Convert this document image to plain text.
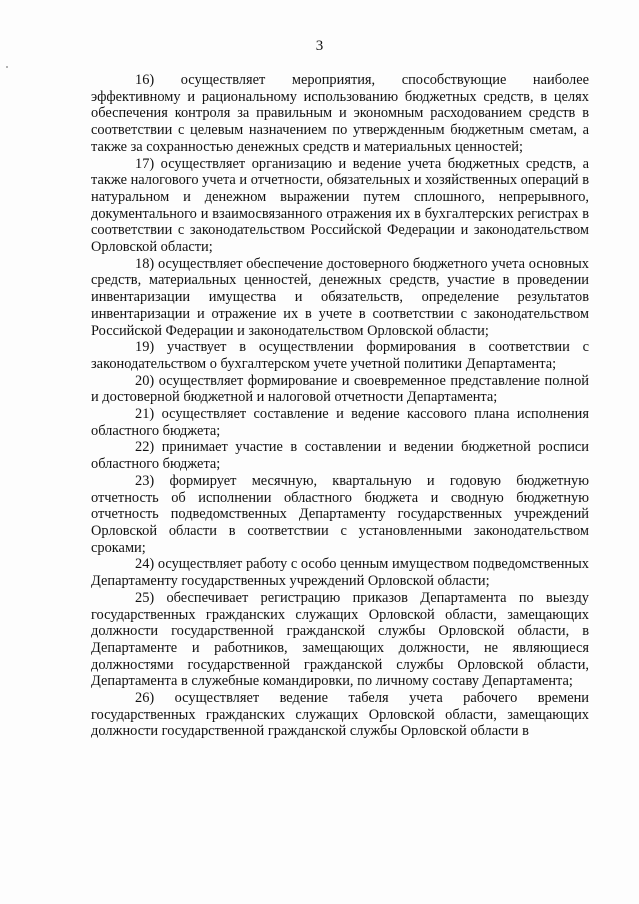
3

16) осуществляет мероприятия, способствующие наиболее эффективному и рациональному использованию бюджетных средств, в целях обеспечения контроля за правильным и экономным расходованием средств в соответствии с целевым назначением по утвержденным бюджетным сметам, а также за сохранностью денежных средств и материальных ценностей;

17) осуществляет организацию и ведение учета бюджетных средств, а также налогового учета и отчетности, обязательных и хозяйственных операций в натуральном и денежном выражении путем сплошного, непрерывного, документального и взаимосвязанного отражения их в бухгалтерских регистрах в соответствии с законодательством Российской Федерации и законодательством Орловской области;

18) осуществляет обеспечение достоверного бюджетного учета основных средств, материальных ценностей, денежных средств, участие в проведении инвентаризации имущества и обязательств, определение результатов инвентаризации и отражение их в учете в соответствии с законодательством Российской Федерации и законодательством Орловской области;

19) участвует в осуществлении формирования в соответствии с законодательством о бухгалтерском учете учетной политики Департамента;

20) осуществляет формирование и своевременное представление полной и достоверной бюджетной и налоговой отчетности Департамента;

21) осуществляет составление и ведение кассового плана исполнения областного бюджета;

22) принимает участие в составлении и ведении бюджетной росписи областного бюджета;

23) формирует месячную, квартальную и годовую бюджетную отчетность об исполнении областного бюджета и сводную бюджетную отчетность подведомственных Департаменту государственных учреждений Орловской области в соответствии с установленными законодательством сроками;

24) осуществляет работу с особо ценным имуществом подведомственных Департаменту государственных учреждений Орловской области;

25) обеспечивает регистрацию приказов Департамента по выезду государственных гражданских служащих Орловской области, замещающих должности государственной гражданской службы Орловской области, в Департаменте и работников, замещающих должности, не являющиеся должностями государственной гражданской службы Орловской области, Департамента в служебные командировки, по личному составу Департамента;

26) осуществляет ведение табеля учета рабочего времени государственных гражданских служащих Орловской области, замещающих должности государственной гражданской службы Орловской области в
